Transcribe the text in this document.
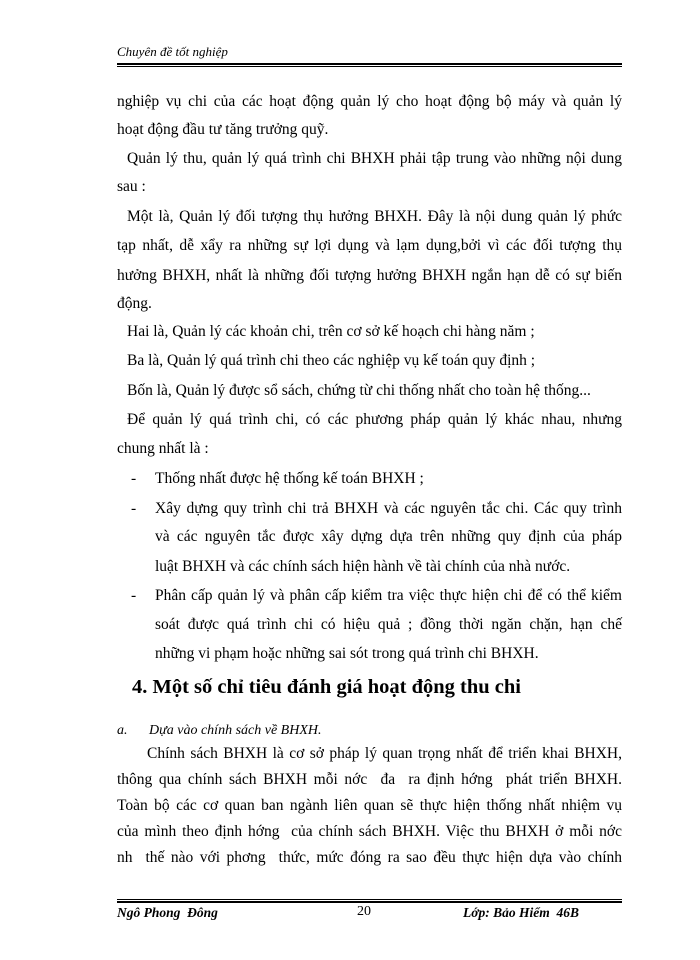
Chuyên đề tốt nghiệp
nghiệp vụ chi của các hoạt động quản lý cho hoạt động bộ máy và quản lý
hoạt động đầu tư tăng trưởng quỹ.
Quản lý thu, quản lý quá trình chi BHXH phải tập trung vào những nội dung
sau :
Một là, Quản lý đối tượng thụ hưởng BHXH. Đây là nội dung quản lý phức
tạp nhất, dễ xẩy ra những sự lợi dụng và lạm dụng,bởi vì các đối tượng thụ
hưởng BHXH, nhất là những đối tượng hưởng BHXH ngắn hạn dễ có sự biến
động.
Hai là, Quản lý các khoản chi, trên cơ sở kế hoạch chi hàng năm ;
Ba là, Quản lý quá trình chi theo các nghiệp vụ kế toán quy định ;
Bốn là, Quản lý được sổ sách, chứng từ chi thống nhất cho toàn hệ thống...
Để quản lý quá trình chi, có các phương pháp quản lý khác nhau, nhưng
chung nhất là :
- Thống nhất được hệ thống kế toán BHXH ;
- Xây dựng quy trình chi trả BHXH và các nguyên tắc chi. Các quy trình
và các nguyên tắc được xây dựng dựa trên những quy định của pháp
luật BHXH và các chính sách hiện hành về tài chính của nhà nước.
- Phân cấp quản lý và phân cấp kiểm tra việc thực hiện chi để có thể kiểm
soát được quá trình chi có hiệu quả ; đồng thời ngăn chặn, hạn chế
những vi phạm hoặc những sai sót trong quá trình chi BHXH.
4. Một số chỉ tiêu đánh giá hoạt động thu chi
a. Dựa vào chính sách về BHXH.
Chính sách BHXH là cơ sở pháp lý quan trọng nhất để triển khai BHXH,
thông qua chính sách BHXH mỗi nớc  đa  ra định hớng  phát triển BHXH.
Toàn bộ các cơ quan ban ngành liên quan sẽ thực hiện thống nhất nhiệm vụ
của mình theo định hớng  của chính sách BHXH. Việc thu BHXH ở mỗi nớc
nh  thế nào với phơng  thức, mức đóng ra sao đều thực hiện dựa vào chính
Ngô Phong  Đông	20	Lớp: Bảo Hiểm  46B
